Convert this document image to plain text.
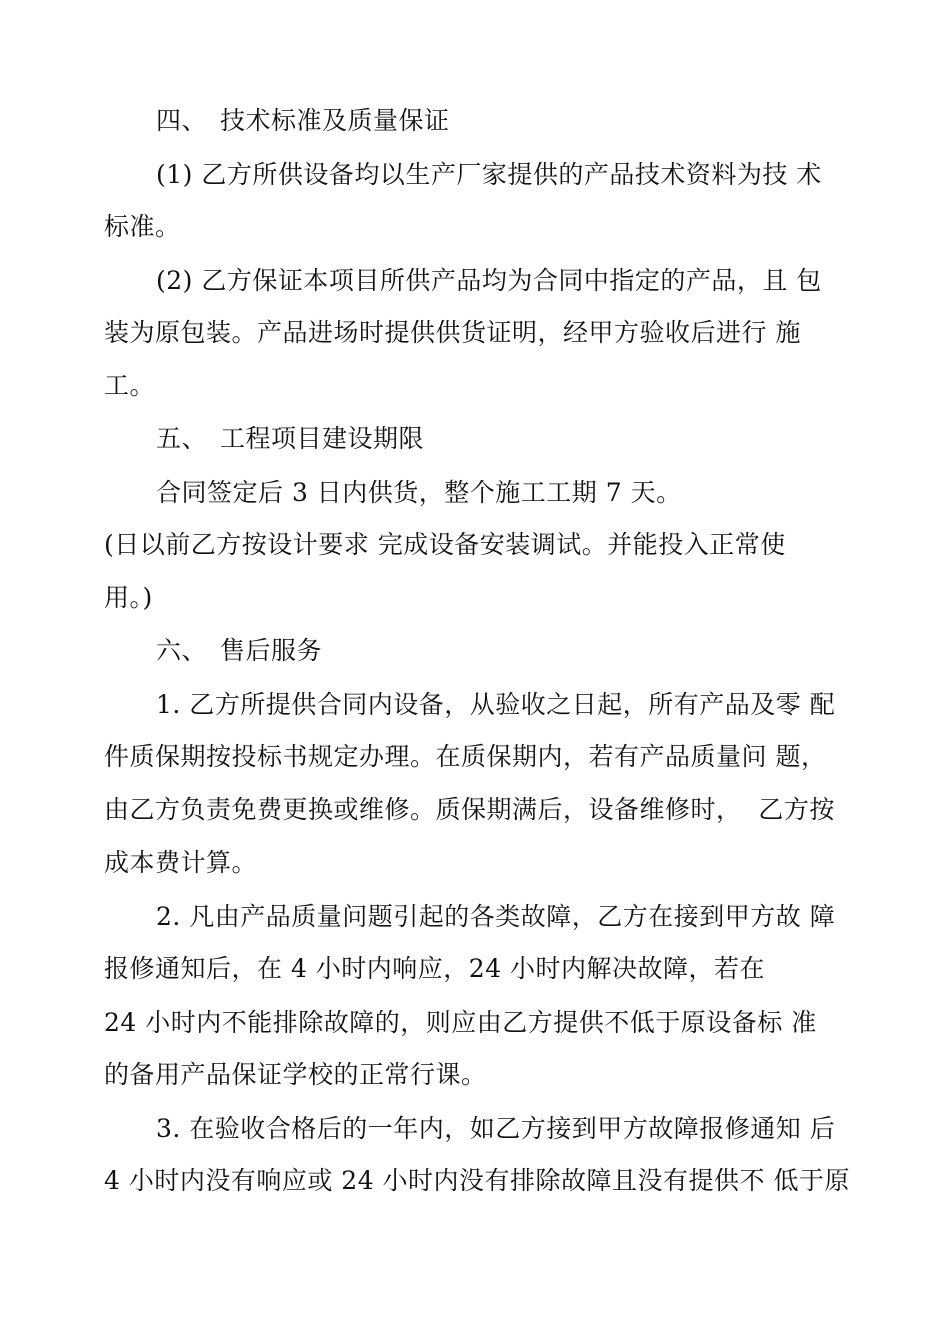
四、　技术标准及质量保证
(1) 乙方所供设备均以生产厂家提供的产品技术资料为技 术
标准。
(2) 乙方保证本项目所供产品均为合同中指定的产品，且 包
装为原包装。产品进场时提供供货证明，经甲方验收后进行 施
工。
五、　工程项目建设期限
合同签定后 3 日内供货，整个施工工期 7 天。
(日以前乙方按设计要求 完成设备安装调试。并能投入正常使
用。)
六、　售后服务
1. 乙方所提供合同内设备，从验收之日起，所有产品及零 配
件质保期按投标书规定办理。在质保期内，若有产品质量问 题，
由乙方负责免费更换或维修。质保期满后，设备维修时，  乙方按
成本费计算。
2. 凡由产品质量问题引起的各类故障，乙方在接到甲方故 障
报修通知后，在 4 小时内响应，24 小时内解决故障，若在
24 小时内不能排除故障的，则应由乙方提供不低于原设备标 准
的备用产品保证学校的正常行课。
3. 在验收合格后的一年内，如乙方接到甲方故障报修通知 后
4 小时内没有响应或 24 小时内没有排除故障且没有提供不 低于原
